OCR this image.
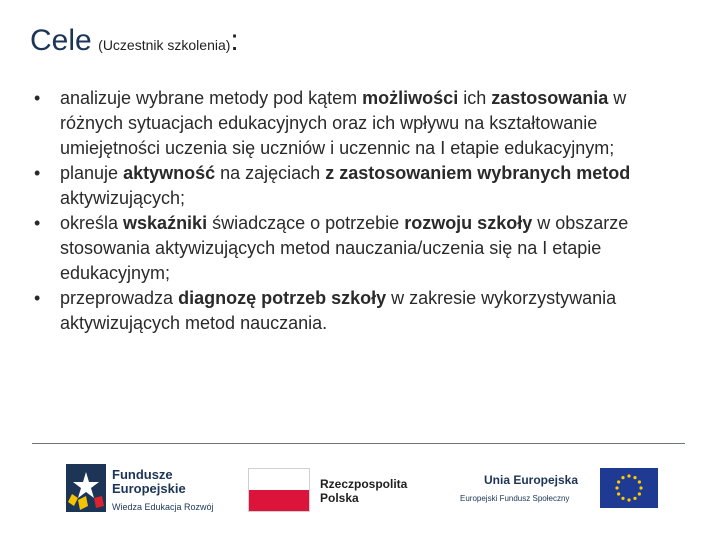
Cele (Uczestnik szkolenia):
• analizuje wybrane metody pod kątem możliwości ich zastosowania w różnych sytuacjach edukacyjnych oraz ich wpływu na kształtowanie umiejętności uczenia się uczniów i uczennic na I etapie edukacyjnym;
• planuje aktywność na zajęciach z zastosowaniem wybranych metod aktywizujących;
• określa wskaźniki świadczące o potrzebie rozwoju szkoły w obszarze stosowania aktywizujących metod nauczania/uczenia się na I etapie edukacyjnym;
• przeprowadza diagnozę potrzeb szkoły w zakresie wykorzystywania aktywizujących metod nauczania.
Fundusze
Europejskie
Wiedza Edukacja Rozwój
Rzeczpospolita
Polska
Unia Europejska
Europejski Fundusz Społeczny
